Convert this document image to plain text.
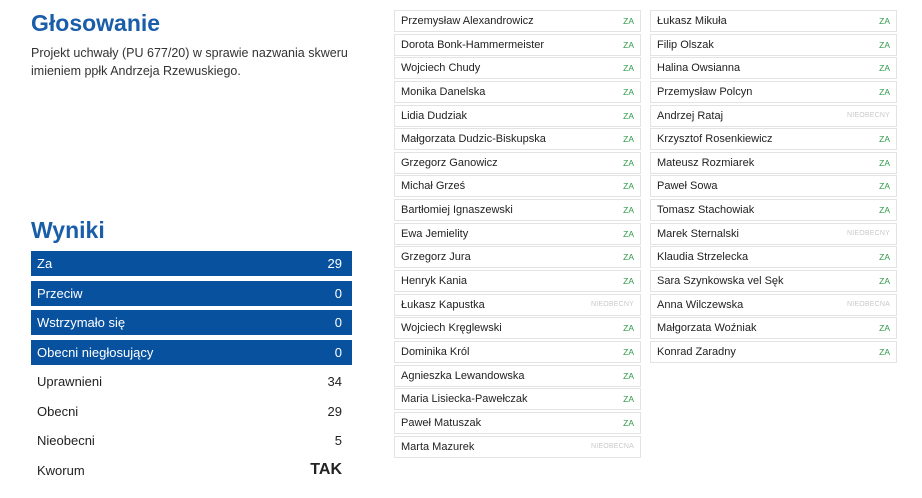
Głosowanie
Projekt uchwały (PU 677/20) w sprawie nazwania skweru imieniem ppłk Andrzeja Rzewuskiego.
Wyniki
Za	29
Przeciw	0
Wstrzymało się	0
Obecni niegłosujący	0
Uprawnieni	34
Obecni	29
Nieobecni	5
Kworum	TAK
Przemysław Alexandrowicz	ZA
Dorota Bonk-Hammermeister	ZA
Wojciech Chudy	ZA
Monika Danelska	ZA
Lidia Dudziak	ZA
Małgorzata Dudzic-Biskupska	ZA
Grzegorz Ganowicz	ZA
Michał Grześ	ZA
Bartłomiej Ignaszewski	ZA
Ewa Jemielity	ZA
Grzegorz Jura	ZA
Henryk Kania	ZA
Łukasz Kapustka	NIEOBECNY
Wojciech Kręglewski	ZA
Dominika Król	ZA
Agnieszka Lewandowska	ZA
Maria Lisiecka-Pawełczak	ZA
Paweł Matuszak	ZA
Marta Mazurek	NIEOBECNA
Łukasz Mikuła	ZA
Filip Olszak	ZA
Halina Owsianna	ZA
Przemysław Polcyn	ZA
Andrzej Rataj	NIEOBECNY
Krzysztof Rosenkiewicz	ZA
Mateusz Rozmiarek	ZA
Paweł Sowa	ZA
Tomasz Stachowiak	ZA
Marek Sternalski	NIEOBECNY
Klaudia Strzelecka	ZA
Sara Szynkowska vel Sęk	ZA
Anna Wilczewska	NIEOBECNA
Małgorzata Woźniak	ZA
Konrad Zaradny	ZA
